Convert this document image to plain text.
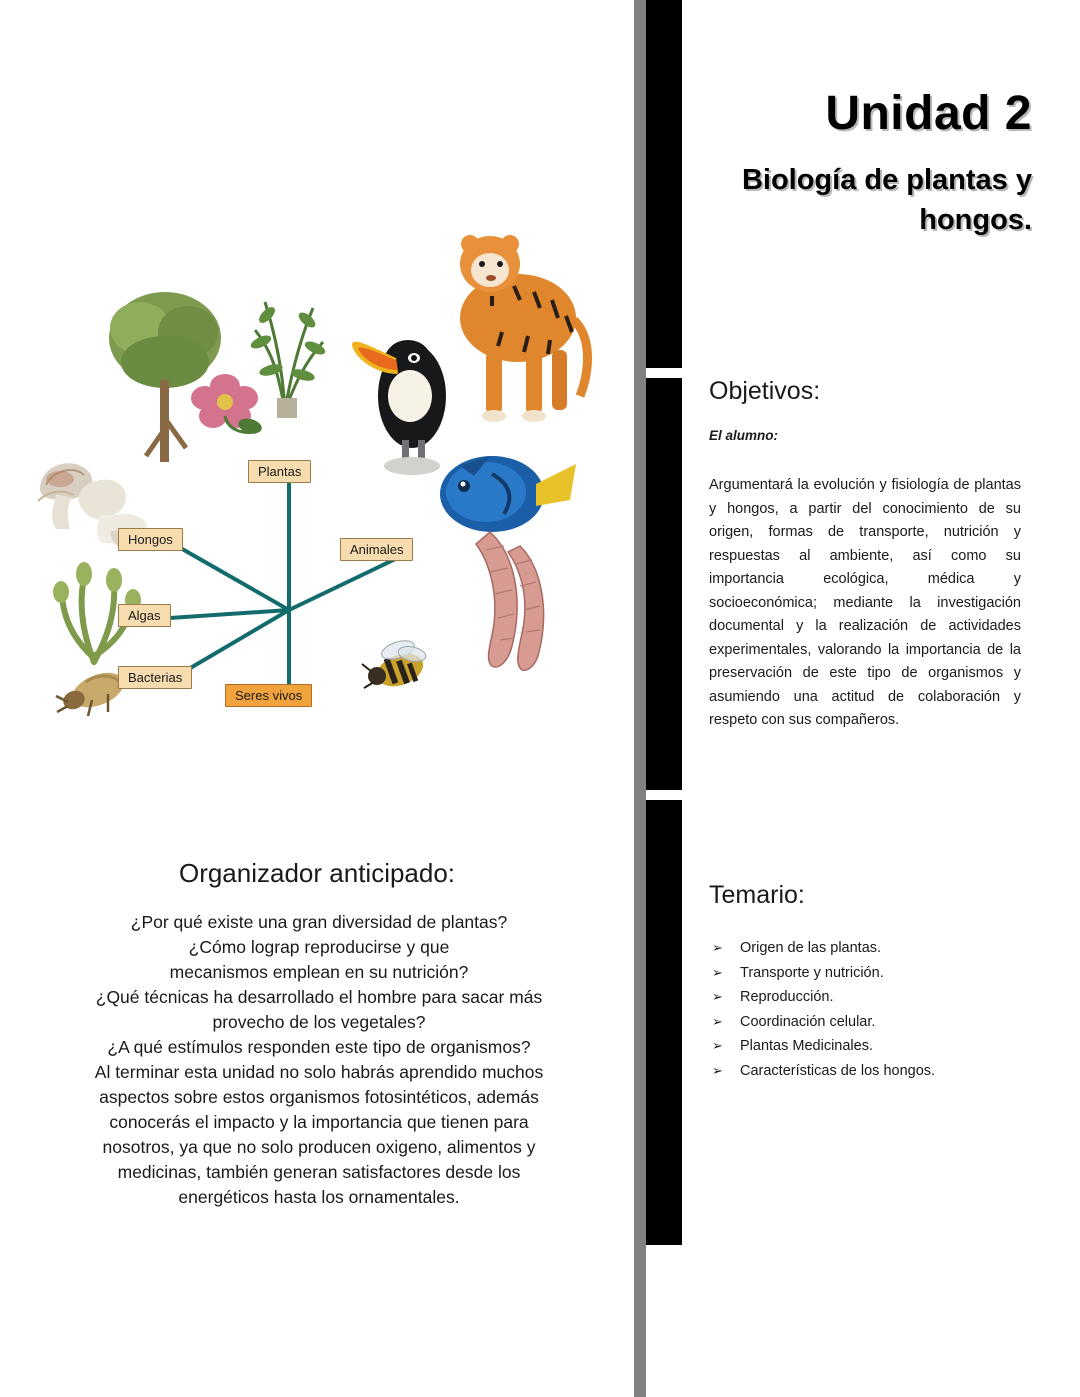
Plantas
Hongos
Algas
Bacterias
Animales
Seres vivos
Organizador anticipado:

¿Por qué existe una gran diversidad de plantas?

¿Cómo lograp reproducirse y que

mecanismos emplean en su nutrición?

¿Qué técnicas ha desarrollado el hombre para sacar más

provecho de los vegetales?

¿A qué estímulos responden este tipo de organismos?

Al terminar esta unidad no solo habrás aprendido muchos

aspectos sobre estos organismos fotosintéticos, además

conocerás el impacto y la importancia que tienen para

nosotros, ya que no solo producen oxigeno, alimentos y

medicinas, también generan satisfactores desde los

energéticos hasta los ornamentales.

Unidad 2
Biología de plantas y hongos.
Objetivos:
El alumno:
Argumentará la evolución y fisiología de plantas y hongos, a partir del conocimiento de su origen, formas de transporte, nutrición y respuestas al ambiente, así como su importancia ecológica, médica y socioeconómica; mediante la investigación documental y la realización de actividades experimentales, valorando la importancia de la preservación de este tipo de organismos y asumiendo una actitud de colaboración y respeto con sus compañeros.
Temario:
➢	Origen de las plantas.
➢	Transporte y nutrición.
➢	Reproducción.
➢	Coordinación celular.
➢	Plantas Medicinales.
➢	Características de los hongos.
